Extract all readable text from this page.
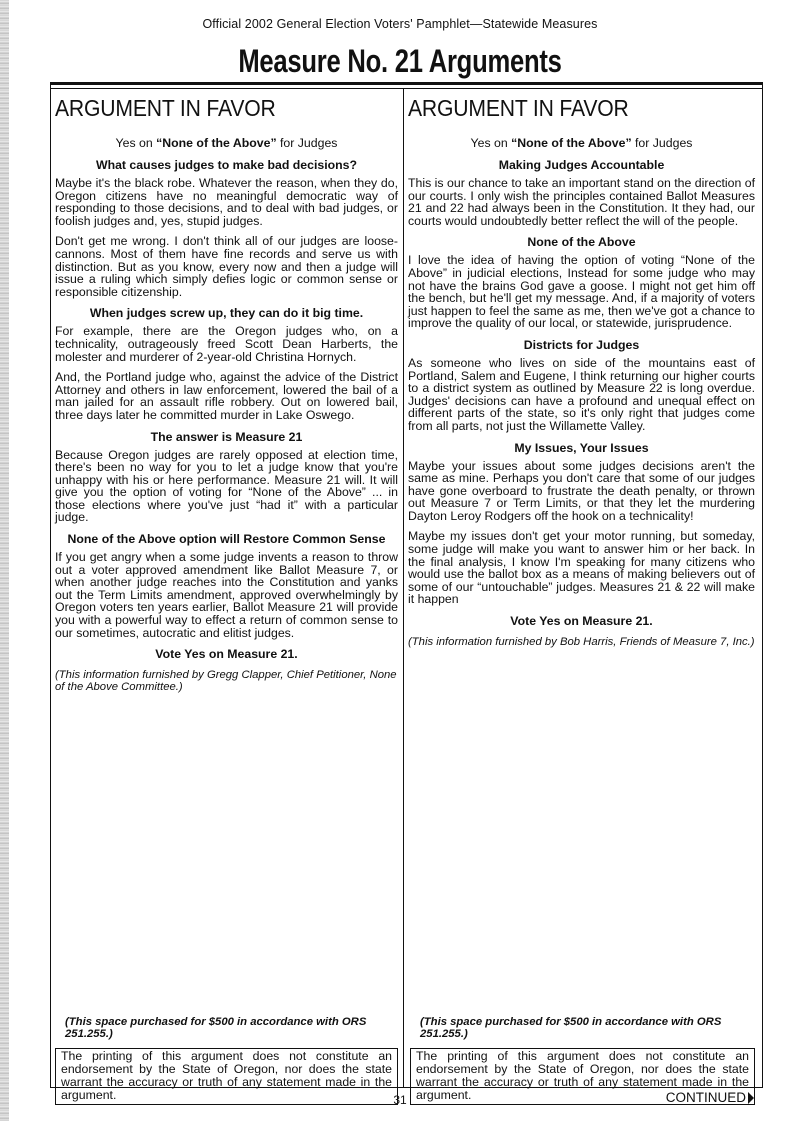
Official 2002 General Election Voters' Pamphlet—Statewide Measures
Measure No. 21 Arguments
ARGUMENT IN FAVOR
Yes on “None of the Above” for Judges
What causes judges to make bad decisions?

Maybe it's the black robe. Whatever the reason, when they do, Oregon citizens have no meaningful democratic way of responding to those decisions, and to deal with bad judges, or foolish judges and, yes, stupid judges.

Don't get me wrong. I don't think all of our judges are loose-cannons. Most of them have fine records and serve us with distinction. But as you know, every now and then a judge will issue a ruling which simply defies logic or common sense or responsible citizenship.

When judges screw up, they can do it big time.

For example, there are the Oregon judges who, on a technicality, outrageously freed Scott Dean Harberts, the molester and murderer of 2-year-old Christina Hornych.

And, the Portland judge who, against the advice of the District Attorney and others in law enforcement, lowered the bail of a man jailed for an assault rifle robbery. Out on lowered bail, three days later he committed murder in Lake Oswego.

The answer is Measure 21

Because Oregon judges are rarely opposed at election time, there's been no way for you to let a judge know that you're unhappy with his or here performance. Measure 21 will. It will give you the option of voting for “None of the Above” ... in those elections where you've just “had it” with a particular judge.

None of the Above option will Restore Common Sense

If you get angry when a some judge invents a reason to throw out a voter approved amendment like Ballot Measure 7, or when another judge reaches into the Constitution and yanks out the Term Limits amendment, approved overwhelmingly by Oregon voters ten years earlier, Ballot Measure 21 will provide you with a powerful way to effect a return of common sense to our sometimes, autocratic and elitist judges.

Vote Yes on Measure 21.

(This information furnished by Gregg Clapper, Chief Petitioner, None of the Above Committee.)

(This space purchased for $500 in accordance with ORS 251.255.)
The printing of this argument does not constitute an endorsement by the State of Oregon, nor does the state warrant the accuracy or truth of any statement made in the argument.
ARGUMENT IN FAVOR
Yes on “None of the Above” for Judges
Making Judges Accountable

This is our chance to take an important stand on the direction of our courts. I only wish the principles contained Ballot Measures 21 and 22 had always been in the Constitution. It they had, our courts would undoubtedly better reflect the will of the people.

None of the Above

I love the idea of having the option of voting “None of the Above” in judicial elections, Instead for some judge who may not have the brains God gave a goose. I might not get him off the bench, but he'll get my message. And, if a majority of voters just happen to feel the same as me, then we've got a chance to improve the quality of our local, or statewide, jurisprudence.

Districts for Judges

As someone who lives on side of the mountains east of Portland, Salem and Eugene, I think returning our higher courts to a district system as outlined by Measure 22 is long overdue. Judges' decisions can have a profound and unequal effect on different parts of the state, so it's only right that judges come from all parts, not just the Willamette Valley.

My Issues, Your Issues

Maybe your issues about some judges decisions aren't the same as mine. Perhaps you don't care that some of our judges have gone overboard to frustrate the death penalty, or thrown out Measure 7 or Term Limits, or that they let the murdering Dayton Leroy Rodgers off the hook on a technicality!

Maybe my issues don't get your motor running, but someday, some judge will make you want to answer him or her back. In the final analysis, I know I'm speaking for many citizens who would use the ballot box as a means of making believers out of some of our “untouchable” judges. Measures 21 & 22 will make it happen

Vote Yes on Measure 21.

(This information furnished by Bob Harris, Friends of Measure 7, Inc.)

(This space purchased for $500 in accordance with ORS 251.255.)
The printing of this argument does not constitute an endorsement by the State of Oregon, nor does the state warrant the accuracy or truth of any statement made in the argument.
31	CONTINUED
